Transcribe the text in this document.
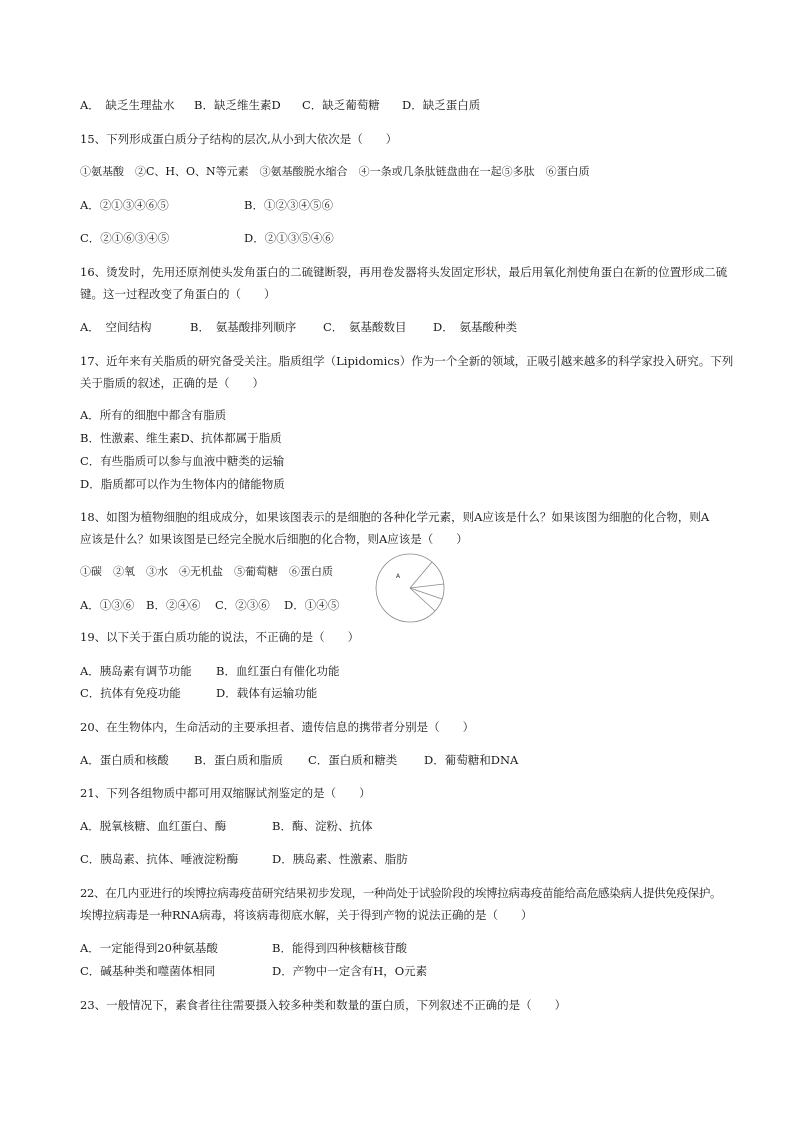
A．　缺乏生理盐水 B．缺乏维生素D C．缺乏葡萄糖 D．缺乏蛋白质
15、下列形成蛋白质分子结构的层次,从小到大依次是（　　）
①氨基酸　②C、H、O、N等元素　③氨基酸脱水缩合　④一条或几条肽链盘曲在一起⑤多肽　⑥蛋白质
A．②①③④⑥⑤	B．①②③④⑤⑥
C．②①⑥③④⑤	D．②①③⑤④⑥
16、烫发时，先用还原剂使头发角蛋白的二硫键断裂，再用卷发器将头发固定形状，最后用氧化剂使角蛋白在新的位置形成二硫
键。这一过程改变了角蛋白的（　　）
A．　空间结构	B．　氨基酸排列顺序 C．　氨基酸数目 D．　氨基酸种类
17、近年来有关脂质的研究备受关注。脂质组学（Lipidomics）作为一个全新的领域，正吸引越来越多的科学家投入研究。下列
关于脂质的叙述，正确的是（　　）
A．所有的细胞中都含有脂质
B．性激素、维生素D、抗体都属于脂质
C．有些脂质可以参与血液中糖类的运输
D．脂质都可以作为生物体内的储能物质
18、如图为植物细胞的组成成分，如果该图表示的是细胞的各种化学元素，则A应该是什么？如果该图为细胞的化合物，则A
应该是什么？如果该图是已经完全脱水后细胞的化合物，则A应该是（　　）
①碳　②氧　③水　④无机盐　⑤葡萄糖　⑥蛋白质
A．①③⑥ B．②④⑥ C．②③⑥ D．①④⑤
A
19、以下关于蛋白质功能的说法，不正确的是（　　）
A．胰岛素有调节功能 B．血红蛋白有催化功能
C．抗体有免疫功能	D．载体有运输功能
20、在生物体内，生命活动的主要承担者、遗传信息的携带者分别是（　　）
A．蛋白质和核酸 B．蛋白质和脂质 C．蛋白质和糖类 D．葡萄糖和DNA
21、下列各组物质中都可用双缩脲试剂鉴定的是（　　）
A．脱氧核糖、血红蛋白、酶	B．酶、淀粉、抗体
C．胰岛素、抗体、唾液淀粉酶	D．胰岛素、性激素、脂肪
22、在几内亚进行的埃博拉病毒疫苗研究结果初步发现，一种尚处于试验阶段的埃博拉病毒疫苗能给高危感染病人提供免疫保护。
埃博拉病毒是一种RNA病毒，将该病毒彻底水解，关于得到产物的说法正确的是（　　）
A．一定能得到20种氨基酸	B．能得到四种核糖核苷酸
C．碱基种类和噬菌体相同	D．产物中一定含有H，O元素
23、一般情况下，素食者往往需要摄入较多种类和数量的蛋白质，下列叙述不正确的是（　　）
